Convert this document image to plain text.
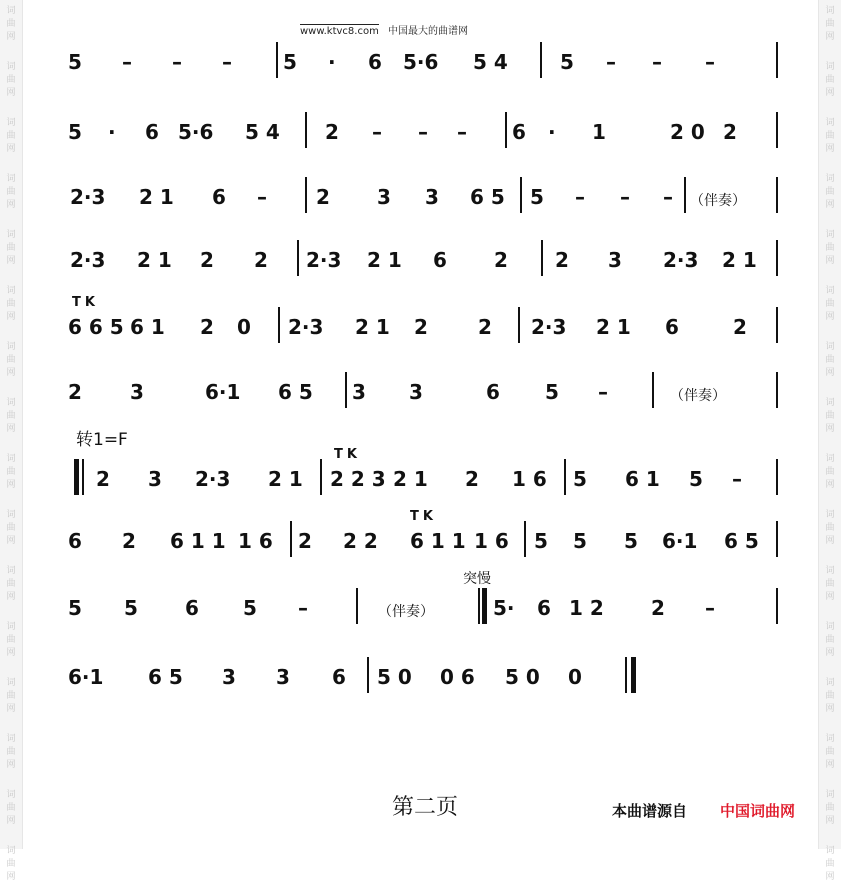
词
曲
网
词
曲
网
词
曲
网
词
曲
网
词
曲
网
词
曲
网
词
曲
网
词
曲
网
词
曲
网
词
曲
网
词
曲
网
词
曲
网
词
曲
网
词
曲
网
词
曲
网
词
曲
网
词
曲
网
词
曲
网
词
曲
网
词
曲
网
词
曲
网
词
曲
网
词
曲
网
词
曲
网
词
曲
网
词
曲
网
词
曲
网
词
曲
网
词
曲
网
词
曲
网
词
曲
网
词
曲
网
www.ktvc8.com 中国最大的曲谱网
5 – – –	5 · 6 5·6 5 4	5 – – –
5 · 6 5·6 5 4 2 – – – 6 · 1	2 0 2
2·3 2 1 6 – 2 3 3 6 5 5 – – – （伴奏）
2·3 2 1 2 2 2·3 2 1 6 2 2 3 2·3 2 1
6 6 5 6 1 2 0 2·3 2 1 2	2 2·3 2 1 6	2
TK
2 3	6·1 6 5 3 3	6 5 –	（伴奏）
2 3 2·3 2 1 2 2 3 2 1 2 1 6 5 6 1 5 –
TK
6 2 6 1 1 1 6 2 2 2 6 1 1 1 6 5 5 5 6·1 6 5
TK
5 5 6 5 –	5· 6 1 2 2 –
（伴奏）
突慢
6·1 6 5 3 3 6 5 0 0 6 5 0 0
转1=F
第二页	本曲谱源自 中国词曲网
